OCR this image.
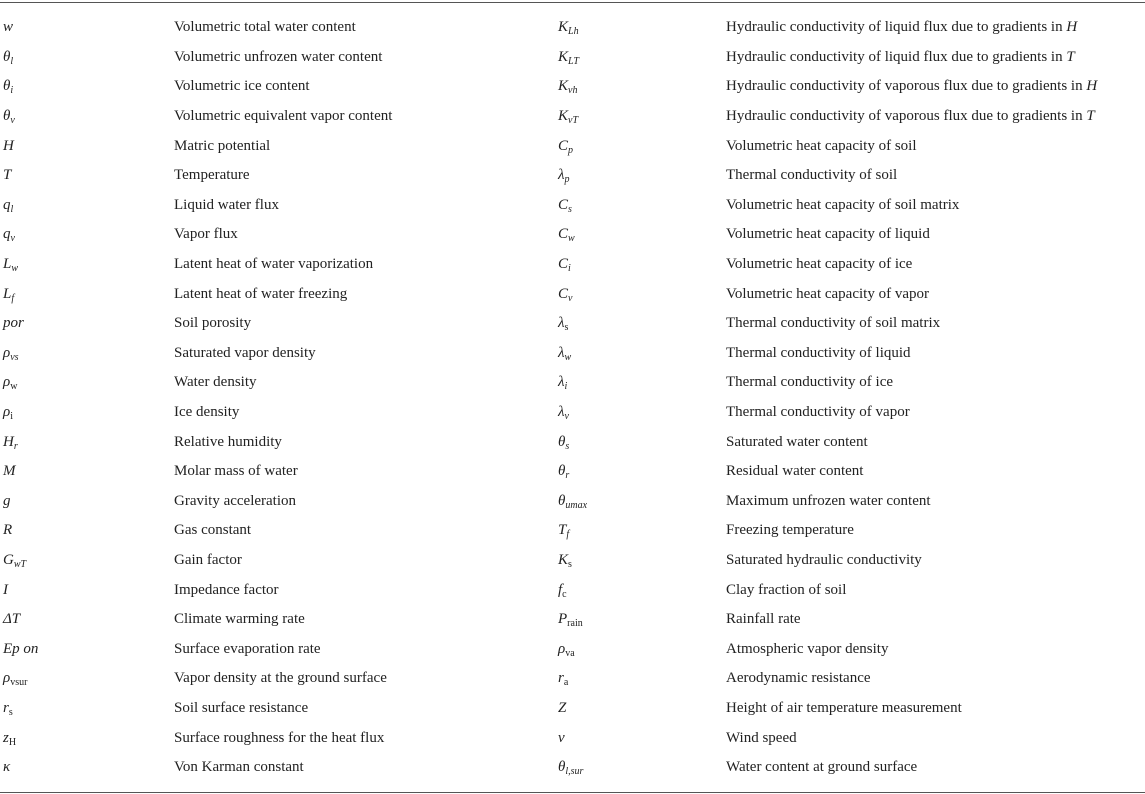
w	Volumetric total water content	$K_{Lh}$	Hydraulic conductivity of liquid flux due to gradients in H
$\theta_l$	Volumetric unfrozen water content	$K_{LT}$	Hydraulic conductivity of liquid flux due to gradients in T
$\theta_i$	Volumetric ice content	$K_{vh}$	Hydraulic conductivity of vaporous flux due to gradients in H
$\theta_v$	Volumetric equivalent vapor content	$K_{vT}$	Hydraulic conductivity of vaporous flux due to gradients in T
H	Matric potential	$C_p$	Volumetric heat capacity of soil
T	Temperature	$\lambda_p$	Thermal conductivity of soil
$q_l$	Liquid water flux	$C_s$	Volumetric heat capacity of soil matrix
$q_v$	Vapor flux	$C_w$	Volumetric heat capacity of liquid
$L_w$	Latent heat of water vaporization	$C_i$	Volumetric heat capacity of ice
$L_f$	Latent heat of water freezing	$C_v$	Volumetric heat capacity of vapor
por	Soil porosity	$\lambda_s$	Thermal conductivity of soil matrix
$\rho_{vs}$	Saturated vapor density	$\lambda_w$	Thermal conductivity of liquid
$\rho_w$	Water density	$\lambda_i$	Thermal conductivity of ice
$\rho_i$	Ice density	$\lambda_v$	Thermal conductivity of vapor
$H_r$	Relative humidity	$\theta_s$	Saturated water content
M	Molar mass of water	$\theta_r$	Residual water content
g	Gravity acceleration	$\theta_{umax}$	Maximum unfrozen water content
R	Gas constant	$T_f$	Freezing temperature
$G_{wT}$	Gain factor	$K_s$	Saturated hydraulic conductivity
I	Impedance factor	$f_c$	Clay fraction of soil
ΔT	Climate warming rate	$P_{rain}$	Rainfall rate
Ep on	Surface evaporation rate	$\rho_{va}$	Atmospheric vapor density
$\rho_{vsur}$	Vapor density at the ground surface	$r_a$	Aerodynamic resistance
$r_s$	Soil surface resistance	Z	Height of air temperature measurement
$z_H$	Surface roughness for the heat flux	ν	Wind speed
κ	Von Karman constant	$\theta_{l,sur}$	Water content at ground surface
